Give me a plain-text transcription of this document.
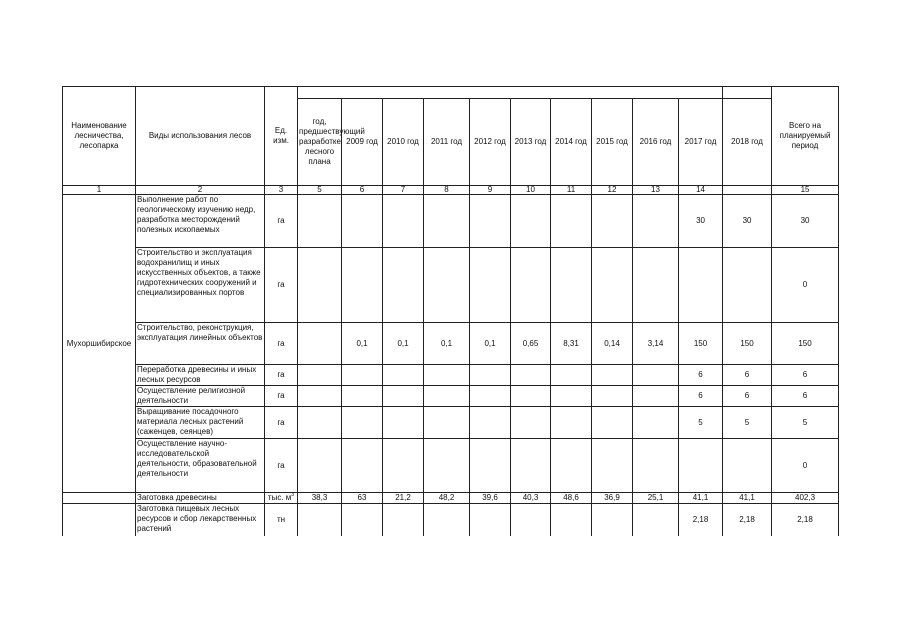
Наименование лесничества, лесопарка	Виды использования лесов	Ед. изм.												Всего на планируемый период
			год, предшествующий разработке лесного плана	2009 год	2010 год	2011 год	2012 год	2013 год	2014 год	2015 год	2016 год	2017 год	2018 год	
1	2	3	5	6	7	8	9	10	11	12	13	14		15
Мухоршибирское	Выполнение работ по геологическому изучению недр, разработка месторождений полезных ископаемых	га										30	30	30
	Строительство и эксплуатация водохранилищ и иных искусственных объектов, а также гидротехнических сооружений и специализированных портов	га												0
	Строительство, реконструкция, эксплуатация линейных объектов	га		0,1	0,1	0,1	0,1	0,65	8,31	0,14	3,14	150	150	150
	Переработка древесины и иных лесных ресурсов	га										6	6	6
	Осуществление религиозной деятельности	га										6	6	6
	Выращивание посадочного материала лесных растений (саженцев, сеянцев)	га										5	5	5
	Осуществление научно-исследовательской деятельности, образовательной деятельности	га												0
	Заготовка древесины	тыс. $м^3$	38,3	63	21,2	48,2	39,6	40,3	48,6	36,9	25,1	41,1	41,1	402,3
	Заготовка пищевых лесных ресурсов и сбор лекарственных растений	тн										2,18	2,18	2,18
